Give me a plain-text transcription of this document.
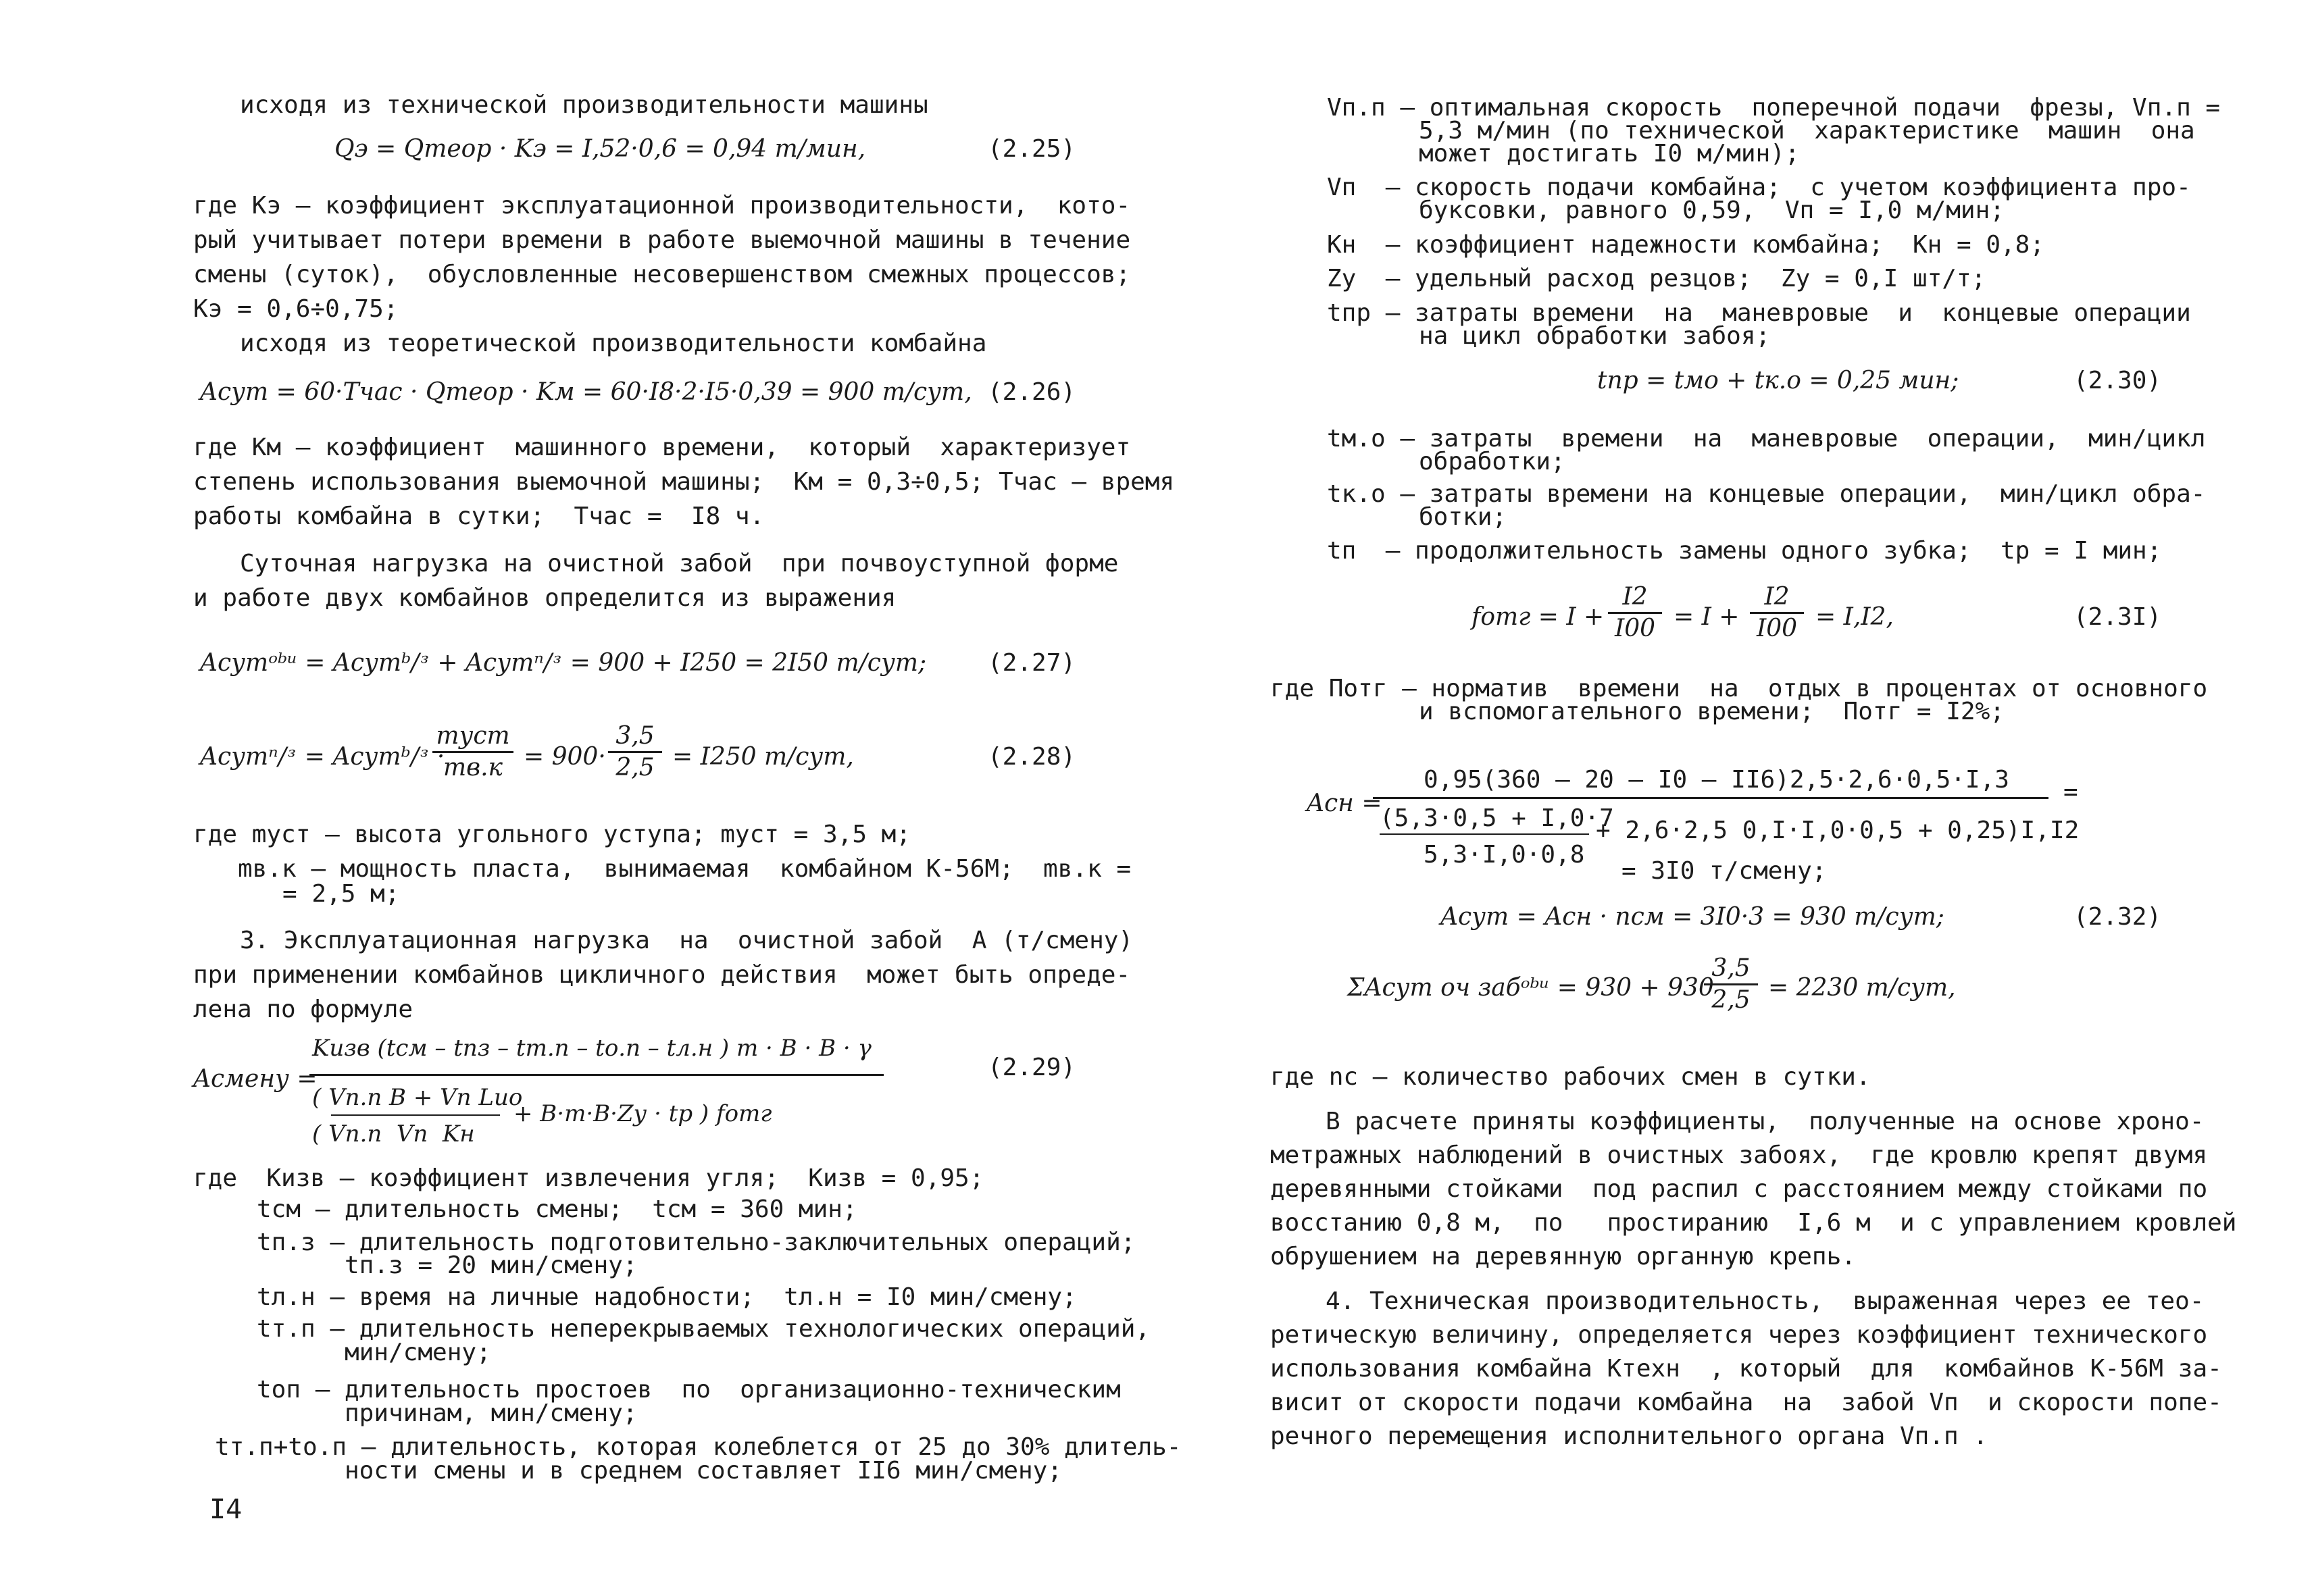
исходя из технической производительности машины
Qэ = Qтеор · Kэ = I,52·0,6 = 0,94 т/мин,	(2.25)
где Kэ – коэффициент эксплуатационной производительности,  кото-
рый учитывает потери времени в работе выемочной машины в течение
смены (суток),  обусловленные несовершенством смежных процессов;
Kэ = 0,6÷0,75;
исходя из теоретической производительности комбайна
Aсут = 60·Tчас · Qтеор · Kм = 60·I8·2·I5·0,39 = 900 т/сут, (2.26)
где Kм – коэффициент  машинного времени,  который  характеризует
степень использования выемочной машины;  Kм = 0,3÷0,5; Tчас – время
работы комбайна в сутки;  Tчас =  I8 ч.
Суточная нагрузка на очистной забой  при почвоуступной форме
и работе двух комбайнов определится из выражения
Aсутᵒᵇᵘ = Aсутᵇ/ᶟ + Aсутⁿ/ᶟ = 900 + I250 = 2I50 т/сут;	(2.27)
Aсутⁿ/ᶟ = Aсутᵇ/ᶟ ·
mуст
mв.к = 900·
3,5
2,5 = I250 т/сут,	(2.28)
где mуст – высота угольного уступа; mуст = 3,5 м;
mв.к – мощность пласта,  вынимаемая  комбайном К-56М;  mв.к =
= 2,5 м;
3. Эксплуатационная нагрузка  на  очистной забой  A (т/смену)
при применении комбайнов цикличного действия  может быть опреде-
лена по формуле
Aсмену =
Kизв (tсм – tпз – tт.п – tо.п – tл.н ) m · B · B · γ
( Vп.п B + Vп Lио
+ B·m·B·Zу · tр ) fотг
( Vп.п  Vп  Kн
(2.29)
где  Kизв – коэффициент извлечения угля;  Kизв = 0,95;
tсм – длительность смены;  tсм = 360 мин;
tп.з – длительность подготовительно-заключительных операций;
tп.з = 20 мин/смену;
tл.н – время на личные надобности;  tл.н = I0 мин/смену;
tт.п – длительность неперекрываемых технологических операций,
мин/смену;
tоп – длительность простоев  по  организационно-техническим
причинам, мин/смену;
tт.п+tо.п – длительность, которая колеблется от 25 до 30% длитель-
ности смены и в среднем составляет II6 мин/смену;
I4
Vп.п – оптимальная скорость  поперечной подачи  фрезы, Vп.п =
5,3 м/мин (по технической  характеристике  машин  она
может достигать I0 м/мин);
Vп  – скорость подачи комбайна;  с учетом коэффициента про-
букcовки, равного 0,59,  Vп = I,0 м/мин;
Kн  – коэффициент надежности комбайна;  Kн = 0,8;
Zу  – удельный расход резцов;  Zу = 0,I шт/т;
tпр – затраты времени  на  маневровые  и  концевые операции
на цикл обработки забоя;
tпр = tмо + tк.о = 0,25 мин;	(2.30)
tм.о – затраты  времени  на  маневровые  операции,  мин/цикл
обработки;
tк.о – затраты времени на концевые операции,  мин/цикл обра-
ботки;
tп  – продолжительность замены одного зубка;  tр = I мин;
fотг = I +
I2
I00 = I +
I2
I00 = I,I2,	(2.3I)
где Потг – норматив  времени  на  отдых в процентах от основного
и вспомогательного времени;  Потг = I2%;
Aсн =
0,95(360 – 20 – I0 – II6)2,5·2,6·0,5·I,3 =
(5,3·0,5 + I,0·7
+ 2,6·2,5 0,I·I,0·0,5 + 0,25)I,I2
5,3·I,0·0,8
= 3I0 т/смену;
Aсут = Aсн · nсм = 3I0·3 = 930 т/сут;	(2.32)
ΣAсут оч забᵒᵇᵘ = 930 + 930
3,5
2,5 = 2230 т/сут,
где nс – количество рабочих смен в сутки.
В расчете приняты коэффициенты,  полученные на основе хроно-
метражных наблюдений в очистных забоях,  где кровлю крепят двумя
деревянными стойками  под распил с расстоянием между стойками по
восстанию 0,8 м,  по   простиранию  I,6 м  и с управлением кровлей
обрушением на деревянную органную крепь.
4. Техническая производительность,  выраженная через ее тео-
ретическую величину, определяется через коэффициент технического
использования комбайна Kтехн  , который  для  комбайнов К-56М за-
висит от скорости подачи комбайна  на  забой Vп  и скорости попе-
речного перемещения исполнительного органа Vп.п .
